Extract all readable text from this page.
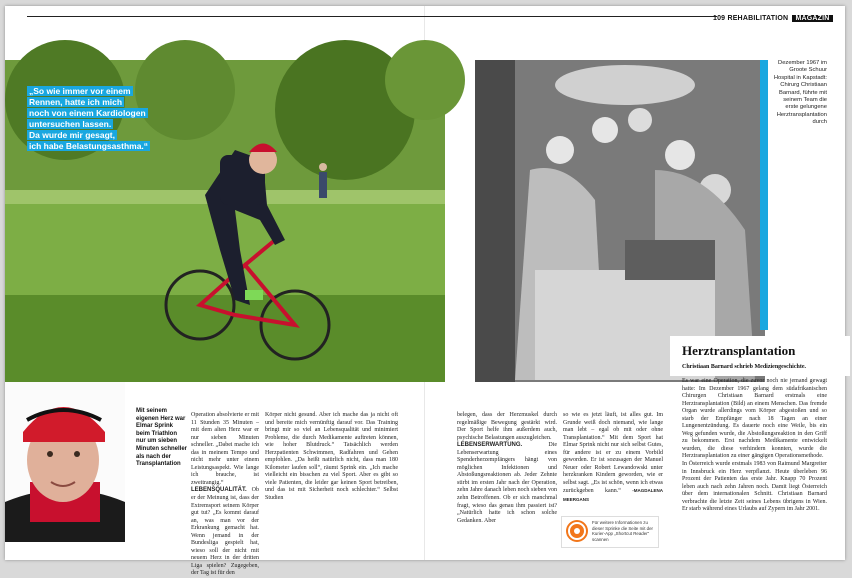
109 REHABILITATION MAGAZIN
„So wie immer vor einem
Rennen, hatte ich mich
noch von einem Kardiologen
untersuchen lassen.
Da wurde mir gesagt,
ich habe Belastungsasthma.“
Dezember 1967 im Groote Schuur Hospital in Kapstadt: Chirurg Christiaan Barnard, führte mit seinem Team die erste gelungene Herztransplantation durch
Mit seinem eigenen Herz war Elmar Sprink beim Triathlon nur um sieben Minuten schneller als nach der Transplantation
Operation absolvierte er mit 11 Stunden 35 Minuten – mit dem alten Herz war er nur sieben Minuten schneller. „Dabei mache ich das in meinem Tempo und nicht mehr unter einem Leistungsaspekt. Wie lange ich brauche, ist zweitrangig.“
LEBENSQUALITÄT. Ob er der Meinung ist, dass der Extremsport seinem Körper gut tut? „Es kommt darauf an, was man vor der Erkrankung gemacht hat. Wenn jemand in der Bundesliga gespielt hat, wieso soll der nicht mit neuem Herz in der dritten Liga spielen? Zugegeben, der Tag ist für den
Körper nicht gesund. Aber ich mache das ja nicht oft und bereite mich vernünftig darauf vor. Das Training bringt mir so viel an Lebensqualität und minimiert Probleme, die durch Medikamente auftreten können, wie hoher Blutdruck.“ Tatsächlich werden Herzpatienten Schwimmen, Radfahren und Gehen empfohlen. „Da heißt natürlich nicht, dass man 180 Kilometer laufen soll“, räumt Sprink ein. „Ich mache vielleicht ein bisschen zu viel Sport. Aber es gibt so viele Patienten, die leider gar keinen Sport betreiben, und das ist mit Sicherheit noch schlechter.“ Selbst Studien
belegen, dass der Herzmuskel durch regelmäßige Bewegung gestärkt wird. Der Sport helfe ihm außerdem auch, psychische Belastungen auszugleichen.
LEBENSERWARTUNG.	Die Lebenserwartung eines Spenderherzempfängers hängt von möglichen Infektionen und Abstoßungsreaktionen ab. Jeder Zehnte stirbt im ersten Jahr nach der Operation, zehn Jahre danach leben noch sieben von zehn Betroffenen. Ob er sich manchmal fragt, wieso das genau ihm passiert ist? „Natürlich hatte ich schon solche Gedanken. Aber
so wie es jetzt läuft, ist alles gut. Im Grunde weiß doch niemand, wie lange man lebt – egal ob mit oder ohne Transplantation.“ Mit dem Sport hat Elmar Sprink nicht nur sich selbst Gutes, für andere ist er zu einem Vorbild geworden. Er ist sozusagen der Manuel Neuer oder Robert Lewandowski unter herzkranken Kindern geworden, wie er selbst sagt. „Es ist schön, wenn ich etwas zurückgeben kann.“	-MAGDALENA MEERGANS
Herztransplantation
Christiaan Barnard schrieb Mediziengeschichte.
Es war eine Operation, die zuvor noch nie jemand gewagt hatte: Im Dezember 1967 gelang dem südafrikanischen Chirurgen Christiaan Barnard erstmals eine Herztransplantation (Bild) an einem Menschen. Das fremde Organ wurde allerdings vom Körper abgestoßen und so starb der Empfänger nach 18 Tagen an einer Lungenentzündung. Es dauerte noch eine Weile, bis ein Weg gefunden wurde, die Abstoßungsreaktion in den Griff zu bekommen. Erst nachdem Medikamente entwickelt wurden, die diese verhindern konnten, wurde die Herztransplantation zu einer gängigen Operationsmethode.
In Österreich wurde erstmals 1983 von Raimund Margreiter in Innsbruck ein Herz verpflanzt. Heute überleben 96 Prozent der Patienten das erste Jahr. Knapp 70 Prozent leben auch nach zehn Jahren noch. Damit liegt Österreich über dem internationalen Schnitt. Christiaan Barnard verbrachte die letzte Zeit seines Lebens übrigens in Wien. Er starb während eines Urlaubs auf Zypern im Jahr 2001.
Für weitere Informationen zu dieser Sprinke die Seite mit der Kurier-App „Shortcut Reader“ scannen
